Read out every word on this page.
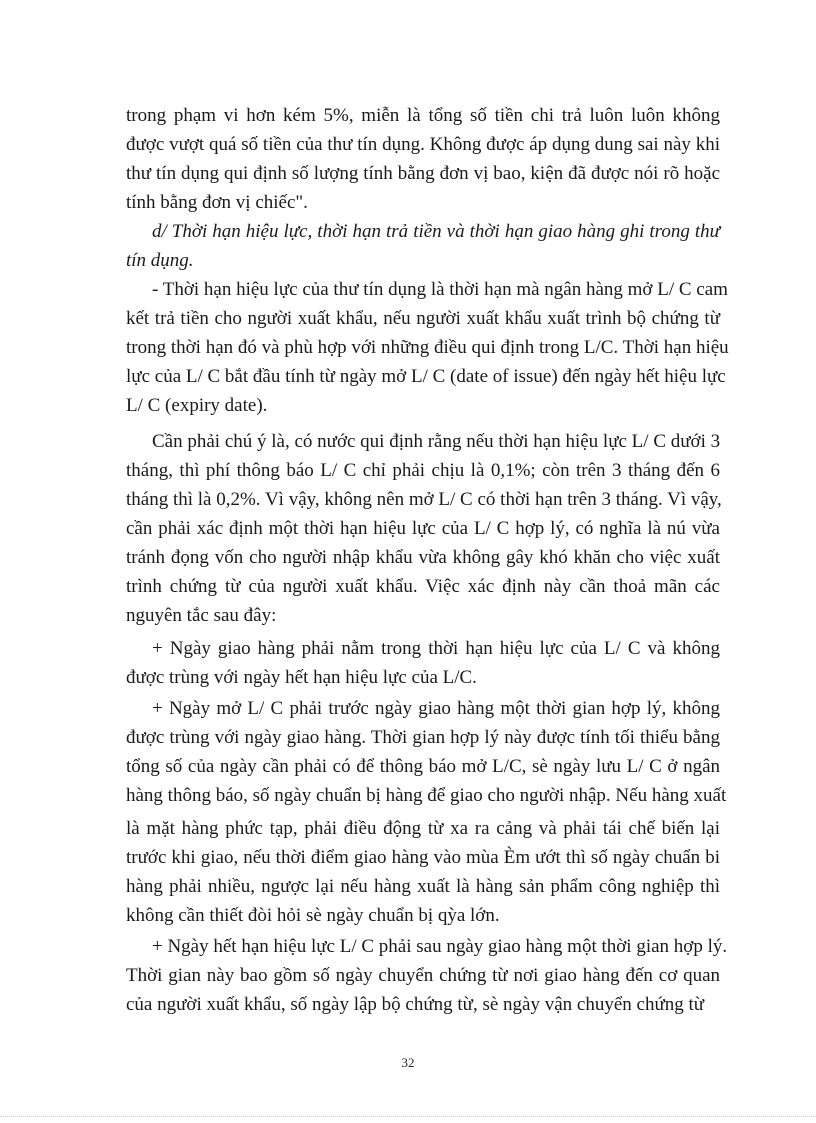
trong phạm vi hơn kém 5%, miễn là tổng số tiền chi trả luôn luôn không
được vượt quá số tiền của thư tín dụng. Không được áp dụng dung sai này khi
thư tín dụng qui định số lượng tính bằng đơn vị bao, kiện đã được nói rõ hoặc
tính bằng đơn vị chiếc".
d/ Thời hạn hiệu lực, thời hạn trả tiền và thời hạn giao hàng ghi trong thư
tín dụng.
- Thời hạn hiệu lực của thư tín dụng là thời hạn mà ngân hàng mở L/ C cam
kết trả tiền cho người xuất khẩu, nếu người xuất khẩu xuất trình bộ chứng từ
trong thời hạn đó và phù hợp với những điều qui định trong L/C. Thời hạn hiệu
lực của L/ C bắt đầu tính từ ngày mở L/ C (date of issue) đến ngày hết hiệu lực
L/ C (expiry date).
Cần phải chú ý là, có nước qui định rằng nếu thời hạn hiệu lực L/ C dưới 3
tháng, thì phí thông báo L/ C chỉ phải chịu là 0,1%; còn trên 3 tháng đến 6
tháng thì là 0,2%. Vì vậy, không nên mở L/ C có thời hạn trên 3 tháng. Vì vậy,
cần phải xác định một thời hạn hiệu lực của L/ C hợp lý, có nghĩa là nú vừa
tránh đọng vốn cho người nhập khẩu vừa không gây khó khăn cho việc xuất
trình chứng từ của người xuất khẩu. Việc xác định này cần thoả mãn các
nguyên tắc sau đây:
+ Ngày giao hàng phải nằm trong thời hạn hiệu lực của L/ C và không
được trùng với ngày hết hạn hiệu lực của L/C.
+ Ngày mở L/ C phải trước ngày giao hàng một thời gian hợp lý, không
được trùng với ngày giao hàng. Thời gian hợp lý này được tính tối thiểu bằng
tổng số của ngày cần phải có để thông báo mở L/C, sè ngày lưu L/ C ở ngân
hàng thông báo, số ngày chuẩn bị hàng để giao cho người nhập. Nếu hàng xuất
là mặt hàng phức tạp, phải điều động từ xa ra cảng và phải tái chế biến lại
trước khi giao, nếu thời điểm giao hàng vào mùa Èm ướt thì số ngày chuẩn bi
hàng phải nhiều, ngược lại nếu hàng xuất là hàng sản phẩm công nghiệp thì
không cần thiết đòi hỏi sè ngày chuẩn bị qỳa lớn.
+ Ngày hết hạn hiệu lực L/ C phải sau ngày giao hàng một thời gian hợp lý.
Thời gian này bao gồm số ngày chuyển chứng từ nơi giao hàng đến cơ quan
của người xuất khẩu, số ngày lập bộ chứng từ, sè ngày vận chuyển chứng từ
32
